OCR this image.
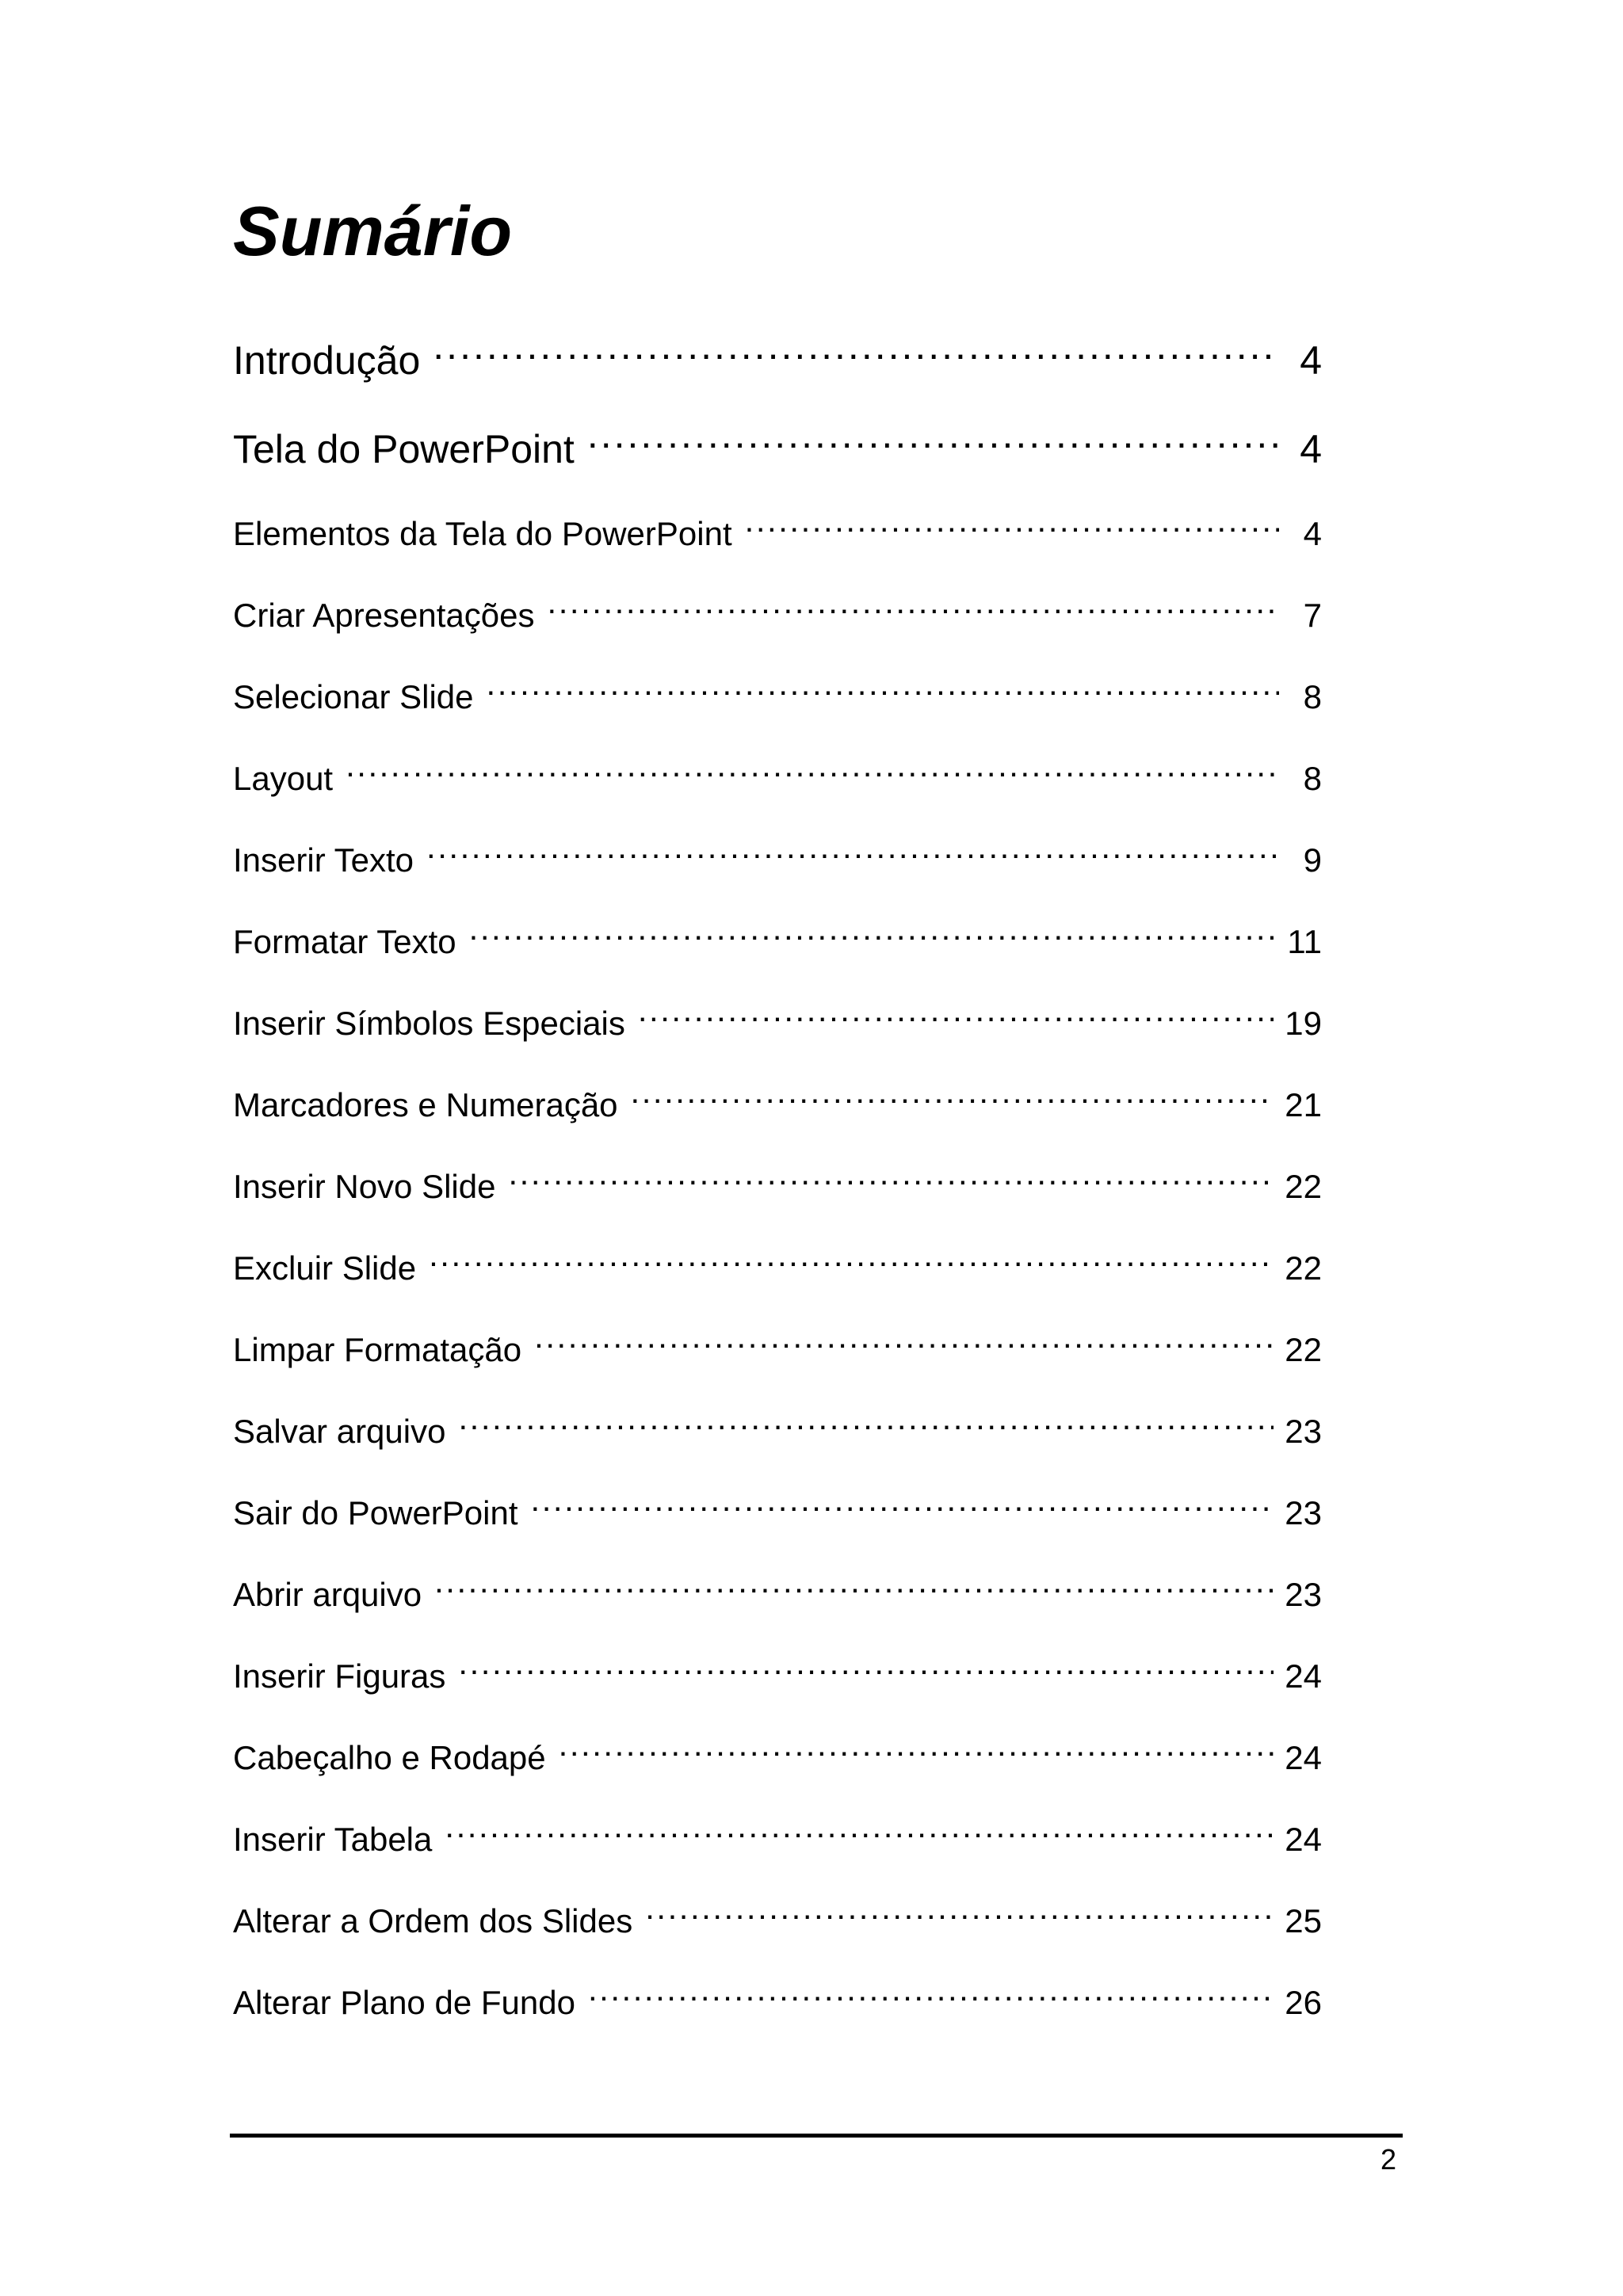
Sumário
Introdução .....	4
Tela do PowerPoint .....	4
Elementos da Tela do PowerPoint .....	4
Criar Apresentações .....	7
Selecionar Slide .....	8
Layout .....	8
Inserir Texto .....	9
Formatar Texto .....	11
Inserir Símbolos Especiais .....	19
Marcadores e Numeração .....	21
Inserir Novo Slide .....	22
Excluir Slide .....	22
Limpar Formatação .....	22
Salvar arquivo .....	23
Sair do PowerPoint .....	23
Abrir arquivo .....	23
Inserir Figuras .....	24
Cabeçalho e Rodapé .....	24
Inserir Tabela .....	24
Alterar a Ordem dos Slides .....	25
Alterar Plano de Fundo .....	26
2
